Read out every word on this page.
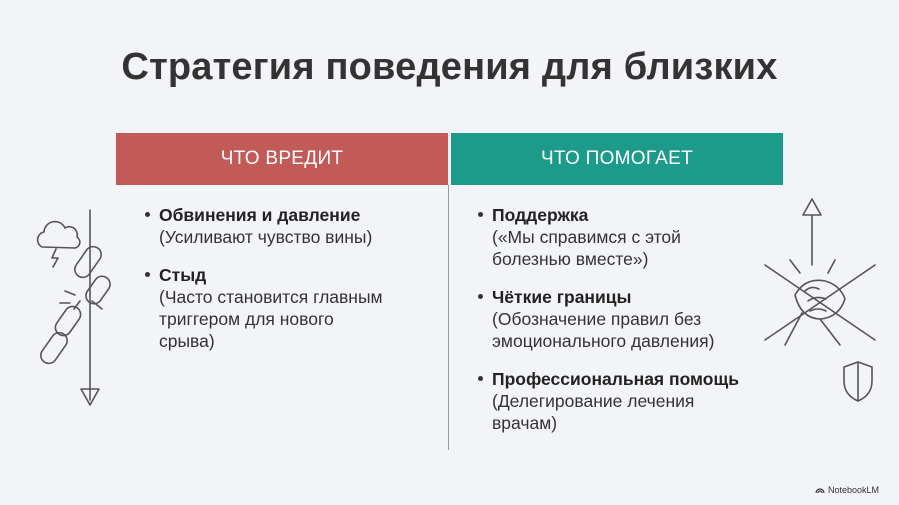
Стратегия поведения для близких
ЧТО ВРЕДИТ	ЧТО ПОМОГАЕТ
Обвинения и давление
(Усиливают чувство вины)
Стыд
(Часто становится главным
триггером для нового
срыва)
Поддержка
(«Мы справимся с этой
болезнью вместе»)
Чёткие границы
(Обозначение правил без
эмоционального давления)
Профессиональная помощь
(Делегирование лечения
врачам)
NotebookLM
